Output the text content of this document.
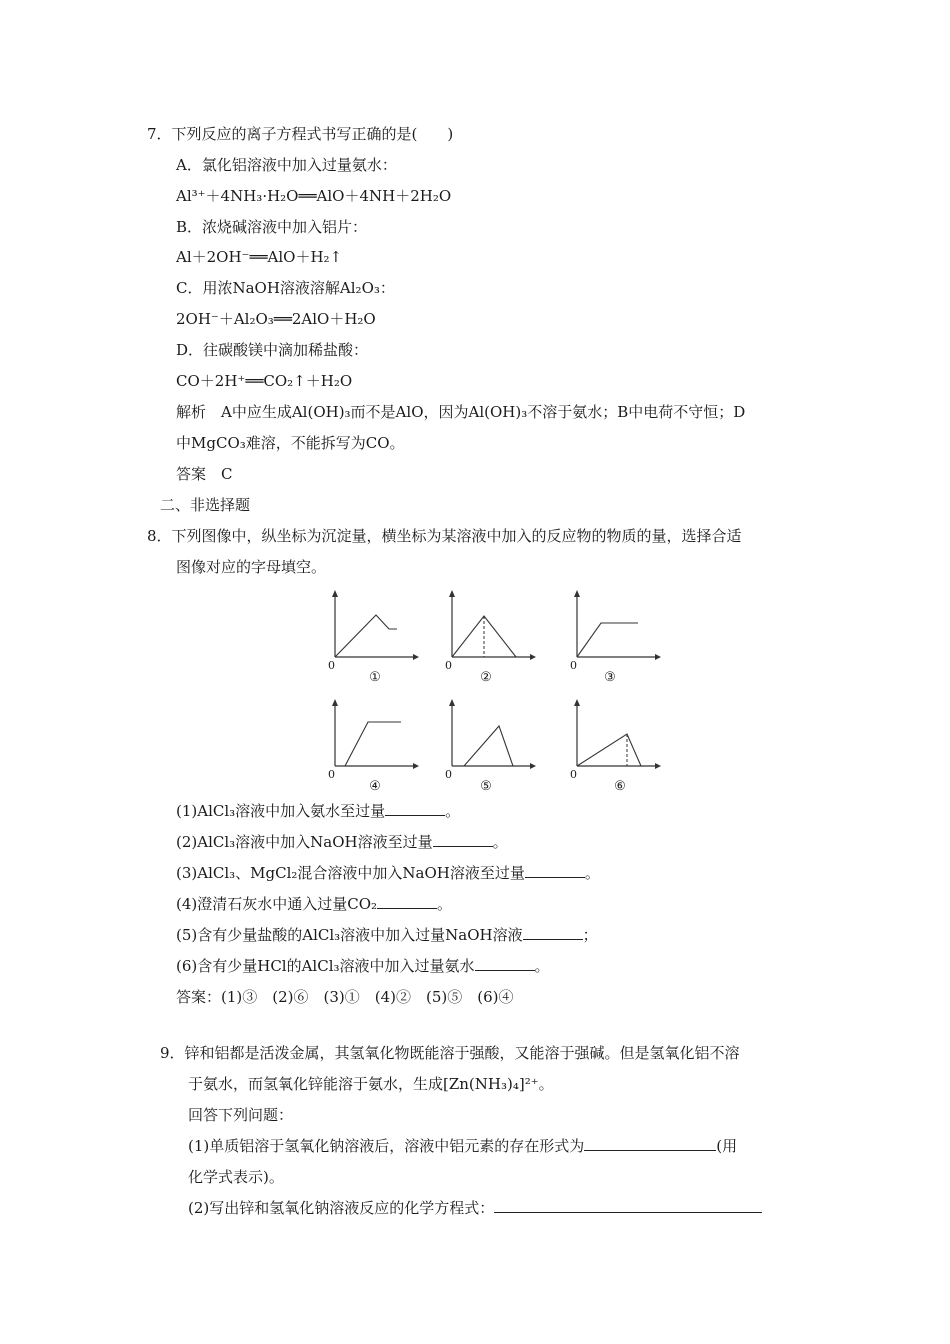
7．下列反应的离子方程式书写正确的是(　　)
A．氯化铝溶液中加入过量氨水：
Al³⁺＋4NH₃·H₂O══AlO＋4NH＋2H₂O
B．浓烧碱溶液中加入铝片：
Al＋2OH⁻══AlO＋H₂↑
C．用浓NaOH溶液溶解Al₂O₃：
2OH⁻＋Al₂O₃══2AlO＋H₂O
D．往碳酸镁中滴加稀盐酸：
CO＋2H⁺══CO₂↑＋H₂O
解析　A中应生成Al(OH)₃而不是AlO，因为Al(OH)₃不溶于氨水；B中电荷不守恒；D
中MgCO₃难溶，不能拆写为CO。
答案　C
二、非选择题
8．下列图像中，纵坐标为沉淀量，横坐标为某溶液中加入的反应物的物质的量，选择合适
图像对应的字母填空。
0
①
0
②
0
③
0
④
0
⑤
0
⑥
(1)AlCl₃溶液中加入氨水至过量	。
(2)AlCl₃溶液中加入NaOH溶液至过量	。
(3)AlCl₃、MgCl₂混合溶液中加入NaOH溶液至过量	。
(4)澄清石灰水中通入过量CO₂	。
(5)含有少量盐酸的AlCl₃溶液中加入过量NaOH溶液	；
(6)含有少量HCl的AlCl₃溶液中加入过量氨水	。
答案：(1)③　(2)⑥　(3)①　(4)②　(5)⑤　(6)④
9．锌和铝都是活泼金属，其氢氧化物既能溶于强酸，又能溶于强碱。但是氢氧化铝不溶
于氨水，而氢氧化锌能溶于氨水，生成[Zn(NH₃)₄]²⁺。
回答下列问题：
(1)单质铝溶于氢氧化钠溶液后，溶液中铝元素的存在形式为	(用
化学式表示)。
(2)写出锌和氢氧化钠溶液反应的化学方程式：
